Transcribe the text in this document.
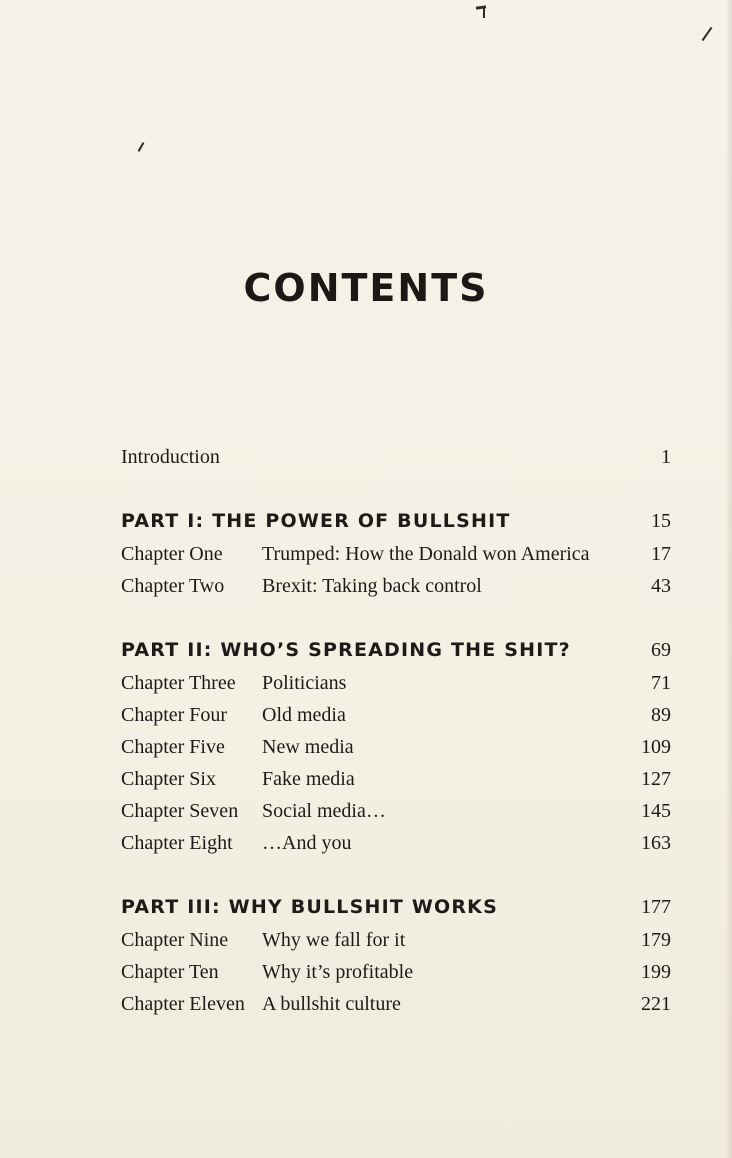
CONTENTS
Introduction	1
PART I: THE POWER OF BULLSHIT	15
Chapter One Trumped: How the Donald won America	17
Chapter Two Brexit: Taking back control	43
PART II: WHO’S SPREADING THE SHIT?	69
Chapter Three Politicians	71
Chapter Four Old media	89
Chapter Five New media	109
Chapter Six Fake media	127
Chapter Seven Social media…	145
Chapter Eight …And you	163
PART III: WHY BULLSHIT WORKS	177
Chapter Nine Why we fall for it	179
Chapter Ten Why it’s profitable	199
Chapter Eleven A bullshit culture	221
